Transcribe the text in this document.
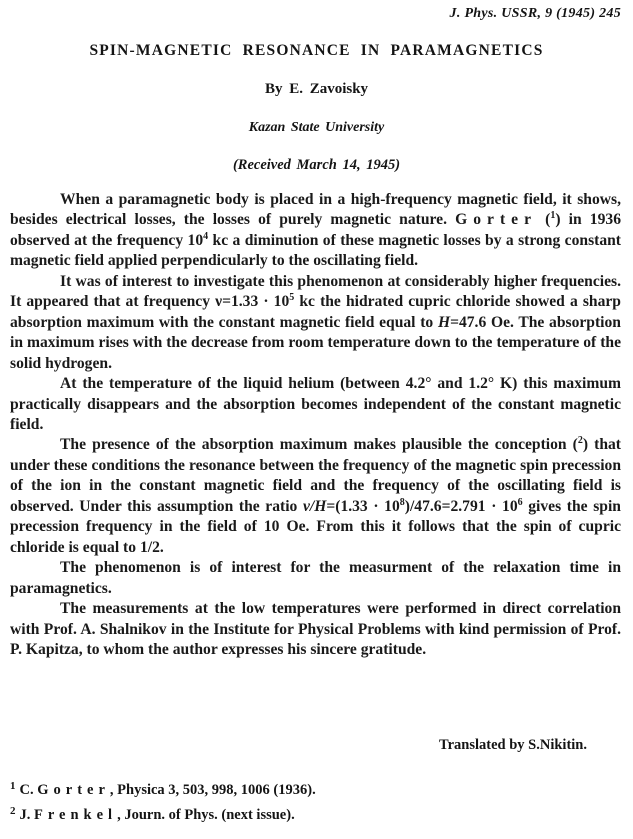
J. Phys. USSR, 9 (1945) 245
SPIN-MAGNETIC RESONANCE IN PARAMAGNETICS
By E. Zavoisky
Kazan State University
(Received March 14, 1945)

When a paramagnetic body is placed in a high-frequency magnetic field, it shows, besides electrical losses, the losses of purely magnetic nature. Gorter ($^1$) in 1936 observed at the frequency $10^4$ kc a diminution of these magnetic losses by a strong constant magnetic field applied perpendicularly to the oscillating field.

It was of interest to investigate this phenomenon at considerably higher frequencies. It appeared that at frequency $\nu=1.33 \cdot 10^5$ kc the hidrated cupric chloride showed a sharp absorption maximum with the constant magnetic field equal to H=47.6 Oe. The absorption in maximum rises with the decrease from room temperature down to the temperature of the solid hydrogen.

At the temperature of the liquid helium (between 4.2° and 1.2° K) this maximum practically disappears and the absorption becomes independent of the constant magnetic field.

The presence of the absorption maximum makes plausible the conception ($^2$) that under these conditions the resonance between the frequency of the magnetic spin precession of the ion in the constant magnetic field and the frequency of the oscillating field is observed. Under this assumption the ratio $\nu/H=(1.33 \cdot 10^8)/47.6=2.791 \cdot 10^6$ gives the spin precession frequency in the field of 10 Oe. From this it follows that the spin of cupric chloride is equal to 1/2.

The phenomenon is of interest for the measurment of the relaxation time in paramagnetics.

The measurements at the low temperatures were performed in direct correlation with Prof. A. Shalnikov in the Institute for Physical Problems with kind permission of Prof. P. Kapitza, to whom the author expresses his sincere gratitude.

Translated by S.Nikitin.
$^1$ C. Gorter, Physica 3, 503, 998, 1006 (1936).
$^2$ J. Frenkel, Journ. of Phys. (next issue).
